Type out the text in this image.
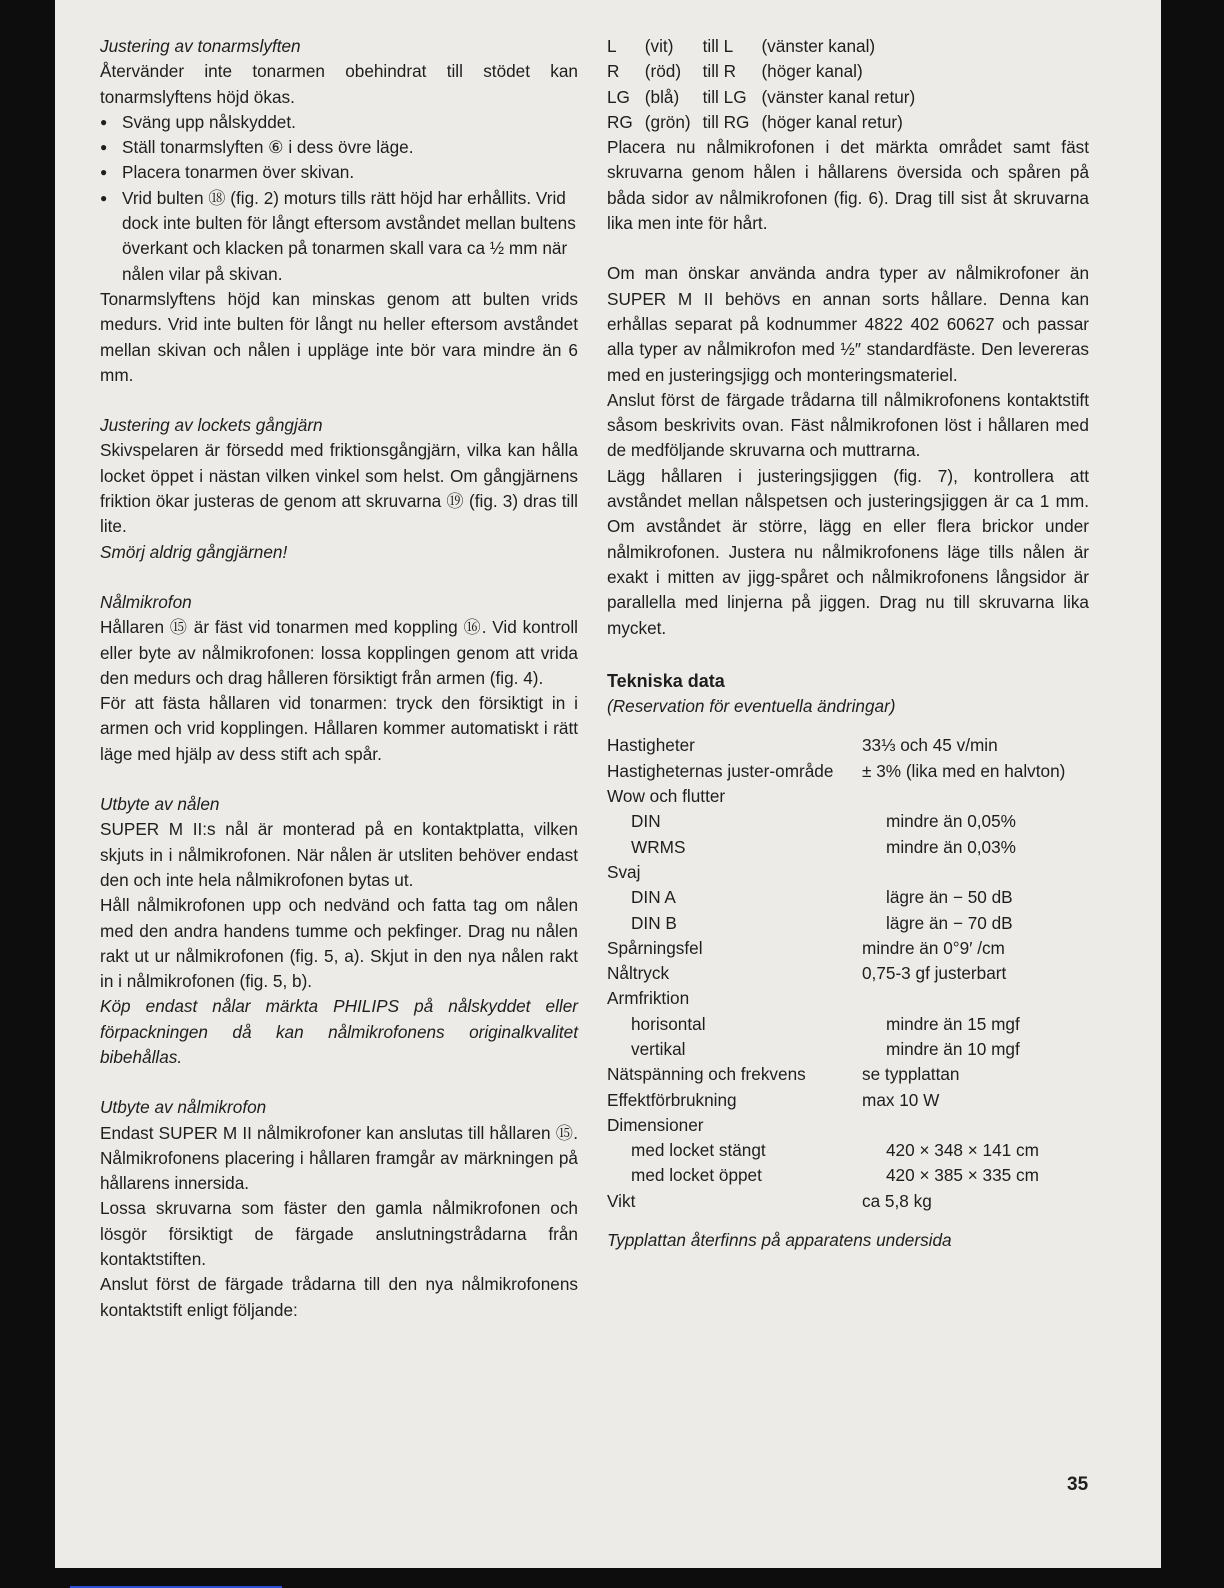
Justering av tonarmslyften

Återvänder inte tonarmen obehindrat till stödet kan tonarmslyftens höjd ökas.

● Sväng upp nålskyddet.
● Ställ tonarmslyften ⑥ i dess övre läge.
● Placera tonarmen över skivan.
● Vrid bulten ⑱ (fig. 2) moturs tills rätt höjd har erhållits. Vrid dock inte bulten för långt eftersom avståndet mellan bultens överkant och klacken på tonarmen skall vara ca ½ mm när nålen vilar på skivan.

Tonarmslyftens höjd kan minskas genom att bulten vrids medurs. Vrid inte bulten för långt nu heller eftersom avståndet mellan skivan och nålen i uppläge inte bör vara mindre än 6 mm.

Justering av lockets gångjärn

Skivspelaren är försedd med friktionsgångjärn, vilka kan hålla locket öppet i nästan vilken vinkel som helst. Om gångjärnens friktion ökar justeras de genom att skruvarna ⑲ (fig. 3) dras till lite.

Smörj aldrig gångjärnen!

Nålmikrofon

Hållaren ⑮ är fäst vid tonarmen med koppling ⑯. Vid kontroll eller byte av nålmikrofonen: lossa kopplingen genom att vrida den medurs och drag hålleren försiktigt från armen (fig. 4).

För att fästa hållaren vid tonarmen: tryck den försiktigt in i armen och vrid kopplingen. Hållaren kommer automatiskt i rätt läge med hjälp av dess stift ach spår.

Utbyte av nålen

SUPER M II:s nål är monterad på en kontaktplatta, vilken skjuts in i nålmikrofonen. När nålen är utsliten behöver endast den och inte hela nålmikrofonen bytas ut.

Håll nålmikrofonen upp och nedvänd och fatta tag om nålen med den andra handens tumme och pekfinger. Drag nu nålen rakt ut ur nålmikrofonen (fig. 5, a). Skjut in den nya nålen rakt in i nålmikrofonen (fig. 5, b).

Köp endast nålar märkta PHILIPS på nålskyddet eller förpackningen då kan nålmikrofonens originalkvalitet bibehållas.

Utbyte av nålmikrofon

Endast SUPER M II nålmikrofoner kan anslutas till hållaren ⑮. Nålmikrofonens placering i hållaren framgår av märkningen på hållarens innersida.

Lossa skruvarna som fäster den gamla nålmikrofonen och lösgör försiktigt de färgade anslutningstrådarna från kontaktstiften.

Anslut först de färgade trådarna till den nya nålmikrofonens kontaktstift enligt följande:

L	(vit)	till L	(vänster kanal)
R	(röd)	till R	(höger kanal)
LG	(blå)	till LG	(vänster kanal retur)
RG	(grön)	till RG	(höger kanal retur)

Placera nu nålmikrofonen i det märkta området samt fäst skruvarna genom hålen i hållarens översida och spåren på båda sidor av nålmikrofonen (fig. 6). Drag till sist åt skruvarna lika men inte för hårt.

Om man önskar använda andra typer av nålmikrofoner än SUPER M II behövs en annan sorts hållare. Denna kan erhållas separat på kodnummer 4822 402 60627 och passar alla typer av nålmikrofon med ½″ standardfäste. Den levereras med en justeringsjigg och monteringsmateriel.

Anslut först de färgade trådarna till nålmikrofonens kontaktstift såsom beskrivits ovan. Fäst nålmikrofonen löst i hållaren med de medföljande skruvarna och muttrarna.

Lägg hållaren i justeringsjiggen (fig. 7), kontrollera att avståndet mellan nålspetsen och justeringsjiggen är ca 1 mm. Om avståndet är större, lägg en eller flera brickor under nålmikrofonen. Justera nu nålmikrofonens läge tills nålen är exakt i mitten av jigg-spåret och nålmikrofonens långsidor är parallella med linjerna på jiggen. Drag nu till skruvarna lika mycket.

Tekniska data

(Reservation för eventuella ändringar)

Hastigheter	33⅓ och 45 v/min
Hastigheternas juster-område	± 3% (lika med en halvton)
Wow och flutter
DIN	mindre än 0,05%
WRMS	mindre än 0,03%
Svaj
DIN A	lägre än − 50 dB
DIN B	lägre än − 70 dB
Spårningsfel	mindre än 0°9′ /cm
Nåltryck	0,75-3 gf justerbart
Armfriktion
horisontal	mindre än 15 mgf
vertikal	mindre än 10 mgf
Nätspänning och frekvens	se typplattan
Effektförbrukning	max 10 W
Dimensioner
med locket stängt	420 × 348 × 141 cm
med locket öppet	420 × 385 × 335 cm
Vikt	ca 5,8 kg

Typplattan återfinns på apparatens undersida

35
